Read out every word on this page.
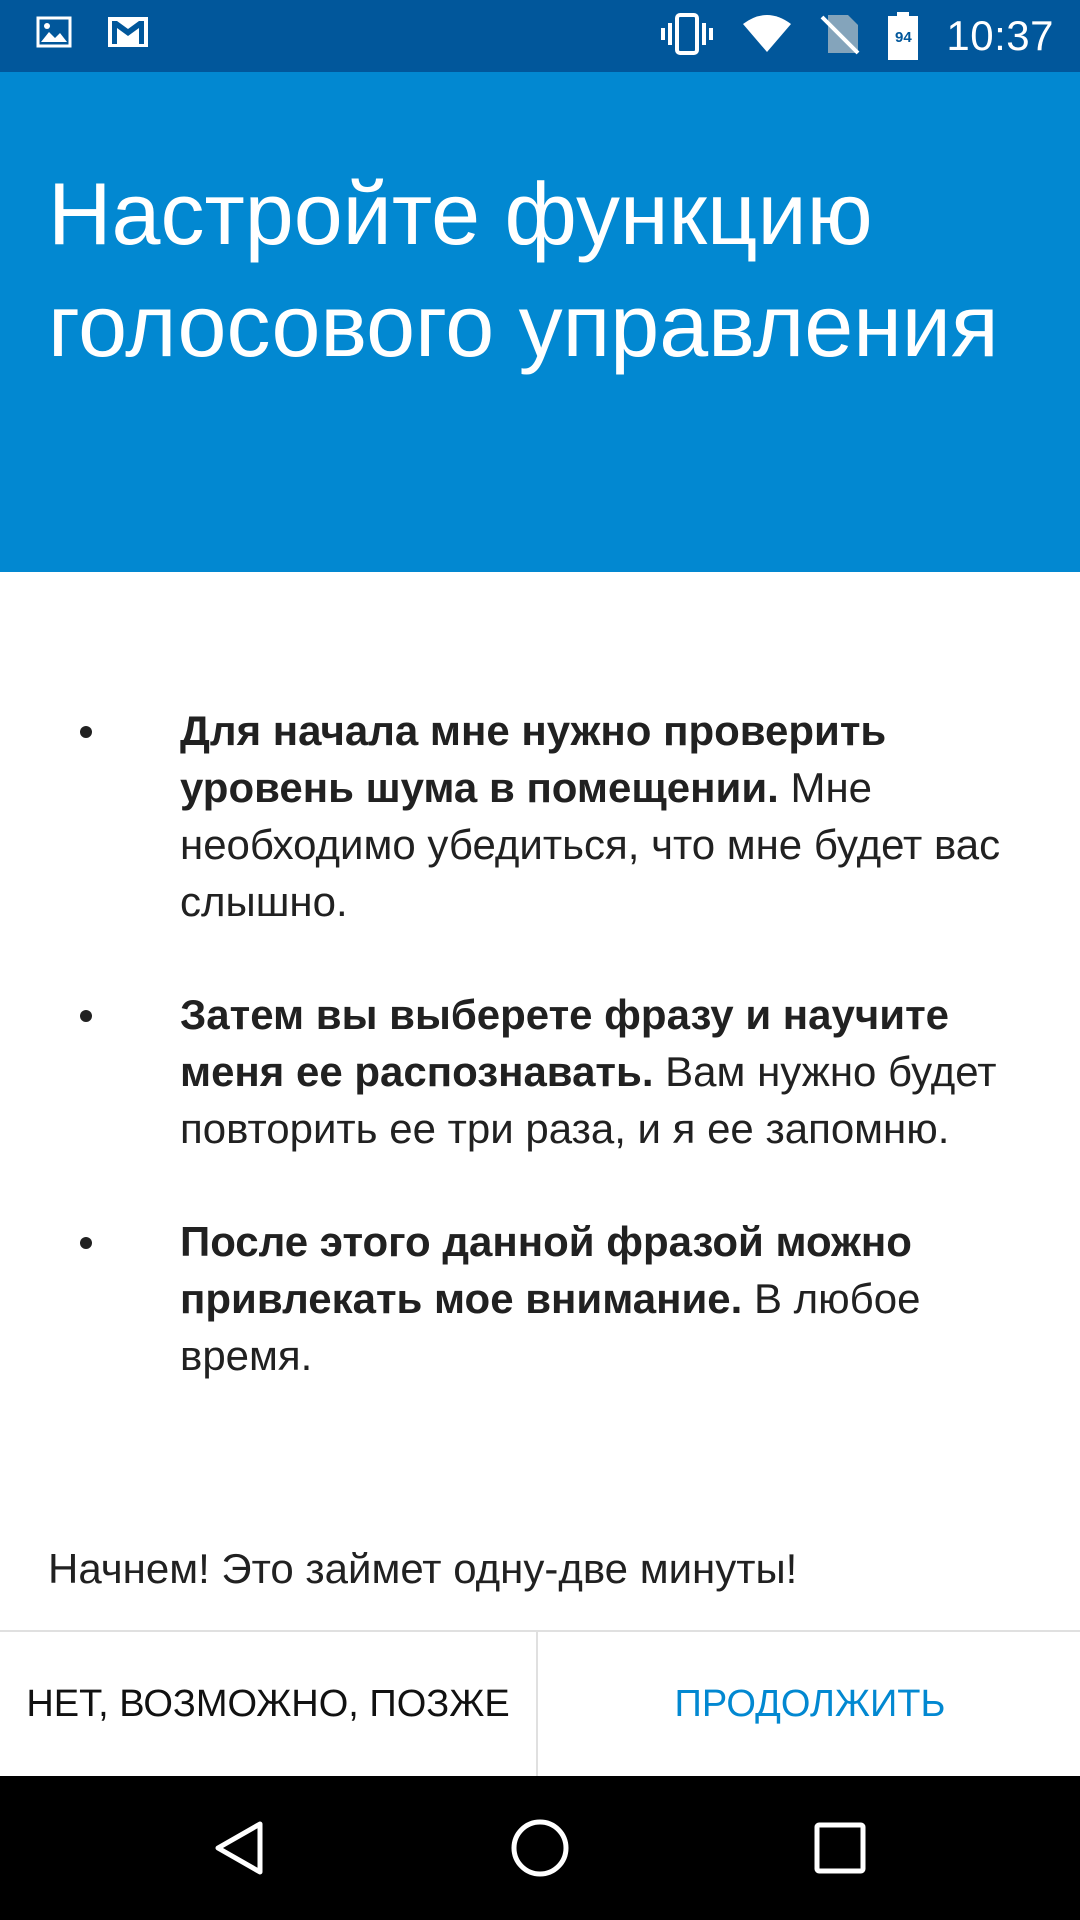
94 10:37
Настройте функцию голосового управления
Для начала мне нужно проверить уровень шума в помещении. Мне необходимо убедиться, что мне будет вас слышно.
Затем вы выберете фразу и научите меня ее распознавать. Вам нужно будет повторить ее три раза, и я ее запомню.
После этого данной фразой можно привлекать мое внимание. В любое время.

Начнем! Это займет одну-две минуты!

НЕТ, ВОЗМОЖНО, ПОЗЖЕ	ПРОДОЛЖИТЬ
